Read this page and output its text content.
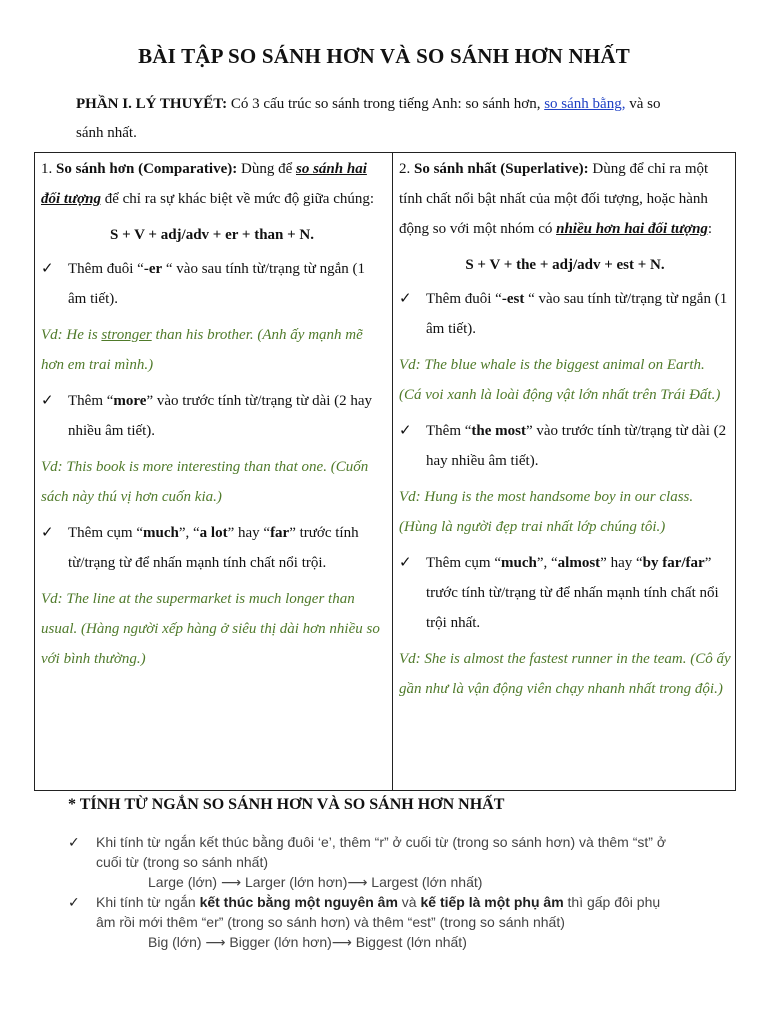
BÀI TẬP SO SÁNH HƠN VÀ SO SÁNH HƠN NHẤT

PHẦN I. LÝ THUYẾT: Có 3 cấu trúc so sánh trong tiếng Anh: so sánh hơn, so sánh bằng, và so sánh nhất.

1. So sánh hơn (Comparative): Dùng để so sánh hai đối tượng để chỉ ra sự khác biệt về mức độ giữa chúng:

S + V + adj/adv + er + than + N.

✓ Thêm đuôi “-er “ vào sau tính từ/trạng từ ngắn (1 âm tiết).

Vd: He is stronger than his brother. (Anh ấy mạnh mẽ hơn em trai mình.)

✓ Thêm “more” vào trước tính từ/trạng từ dài (2 hay nhiều âm tiết).

Vd: This book is more interesting than that one. (Cuốn sách này thú vị hơn cuốn kia.)

✓ Thêm cụm “much”, “a lot” hay “far” trước tính từ/trạng từ để nhấn mạnh tính chất nổi trội.

Vd: The line at the supermarket is much longer than usual. (Hàng người xếp hàng ở siêu thị dài hơn nhiều so với bình thường.)

2. So sánh nhất (Superlative): Dùng để chỉ ra một tính chất nổi bật nhất của một đối tượng, hoặc hành động so với một nhóm có nhiều hơn hai đối tượng:

S + V + the + adj/adv + est + N.

✓ Thêm đuôi “-est “ vào sau tính từ/trạng từ ngắn (1 âm tiết).

Vd: The blue whale is the biggest animal on Earth. (Cá voi xanh là loài động vật lớn nhất trên Trái Đất.)

✓ Thêm “the most” vào trước tính từ/trạng từ dài (2 hay nhiều âm tiết).

Vd: Hung is the most handsome boy in our class. (Hùng là người đẹp trai nhất lớp chúng tôi.)

✓ Thêm cụm “much”, “almost” hay “by far/far” trước tính từ/trạng từ để nhấn mạnh tính chất nổi trội nhất.

Vd: She is almost the fastest runner in the team. (Cô ấy gần như là vận động viên chạy nhanh nhất trong đội.)

* TÍNH TỪ NGẮN SO SÁNH HƠN VÀ SO SÁNH HƠN NHẤT

✓ Khi tính từ ngắn kết thúc bằng đuôi ‘e’, thêm “r” ở cuối từ (trong so sánh hơn) và thêm “st” ở cuối từ (trong so sánh nhất)
Large (lớn) ⟶ Larger (lớn hơn)⟶ Largest (lớn nhất)
✓ Khi tính từ ngắn kết thúc bằng một nguyên âm và kế tiếp là một phụ âm thì gấp đôi phụ âm rồi mới thêm “er” (trong so sánh hơn) và thêm “est” (trong so sánh nhất)
Big (lớn) ⟶ Bigger (lớn hơn)⟶ Biggest (lớn nhất)
